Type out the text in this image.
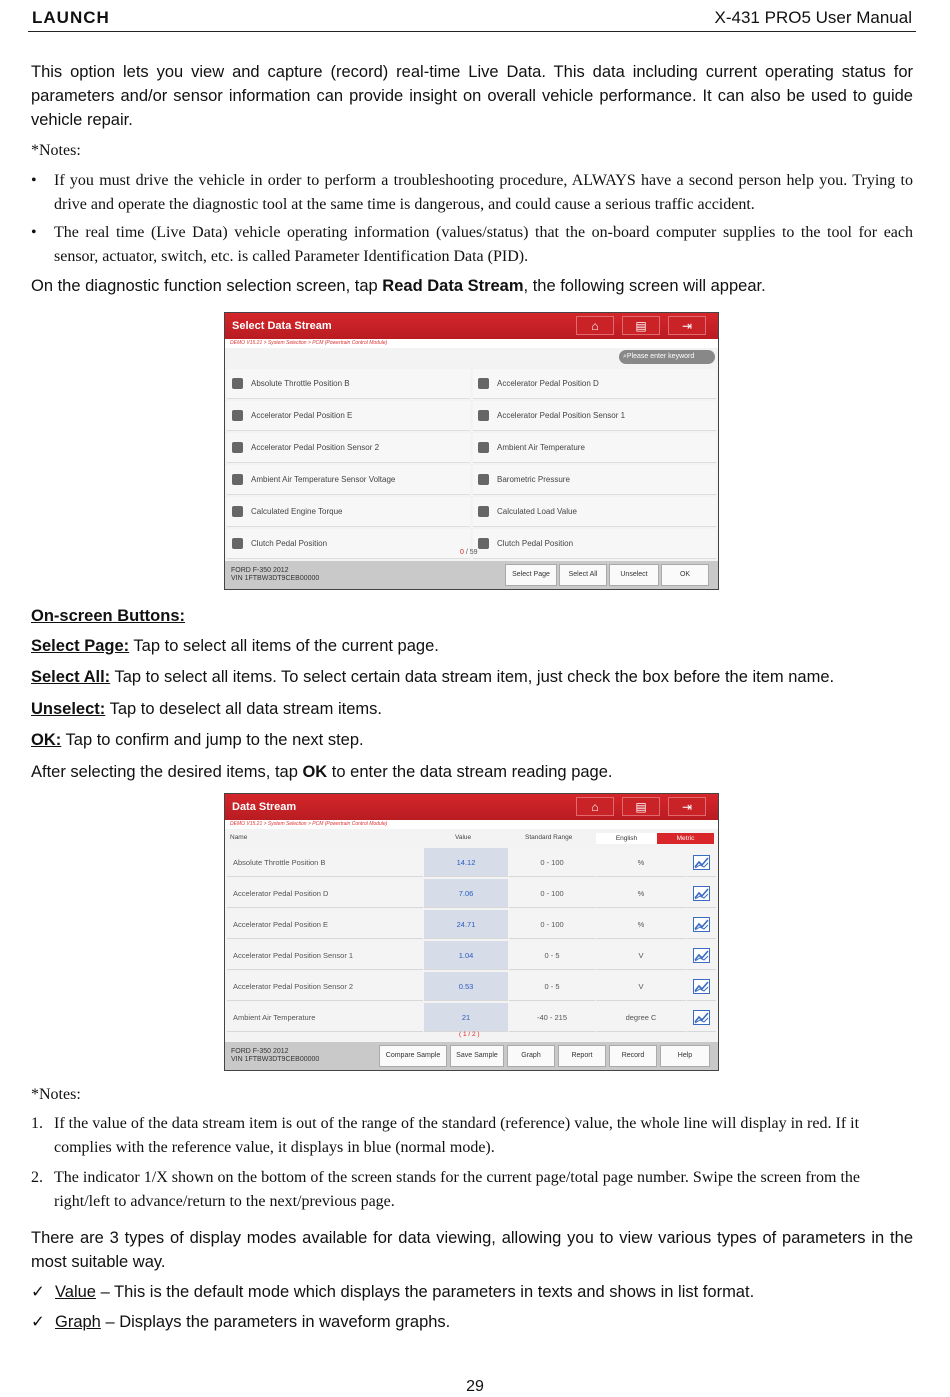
LAUNCH	X-431 PRO5 User Manual
This option lets you view and capture (record) real-time Live Data. This data including current operating status for parameters and/or sensor information can provide insight on overall vehicle performance. It can also be used to guide vehicle repair.
*Notes:
• If you must drive the vehicle in order to perform a troubleshooting procedure, ALWAYS have a second person help you. Trying to drive and operate the diagnostic tool at the same time is dangerous, and could cause a serious traffic accident.
• The real time (Live Data) vehicle operating information (values/status) that the on-board computer supplies to the tool for each sensor, actuator, switch, etc. is called Parameter Identification Data (PID).
On the diagnostic function selection screen, tap Read Data Stream, the following screen will appear.
Select Data Stream	⌂	▤	⇥
DEMO V15.21 > System Selection > PCM (Powertrain Control Module)
⌕Please enter keyword
Absolute Throttle Position B
Accelerator Pedal Position E
Accelerator Pedal Position Sensor 2
Ambient Air Temperature Sensor Voltage
Calculated Engine Torque
Clutch Pedal Position
Accelerator Pedal Position D
Accelerator Pedal Position Sensor 1
Ambient Air Temperature
Barometric Pressure
Calculated Load Value
Clutch Pedal Position
0 / 59
FORD F-350 2012
VIN 1FTBW3DT9CEB00000
Select Page	Select All	Unselect	OK
On-screen Buttons:
Select Page: Tap to select all items of the current page.
Select All: Tap to select all items. To select certain data stream item, just check the box before the item name.
Unselect: Tap to deselect all data stream items.
OK: Tap to confirm and jump to the next step.
After selecting the desired items, tap OK to enter the data stream reading page.
Data Stream	⌂	▤	⇥
DEMO V15.21 > System Selection > PCM (Powertrain Control Module)
Name	Value	Standard Range	English	Metric
Absolute Throttle Position B	14.12	0 - 100	%
Accelerator Pedal Position D	7.06	0 - 100	%
Accelerator Pedal Position E	24.71	0 - 100	%
Accelerator Pedal Position Sensor 1	1.04	0 - 5	V
Accelerator Pedal Position Sensor 2	0.53	0 - 5	V
Ambient Air Temperature	21	-40 - 215	degree C
( 1 / 2 )
FORD F-350 2012
VIN 1FTBW3DT9CEB00000
Compare Sample	Save Sample	Graph	Report	Record	Help
*Notes:
1. If the value of the data stream item is out of the range of the standard (reference) value, the whole line will display in red. If it complies with the reference value, it displays in blue (normal mode).
2. The indicator 1/X shown on the bottom of the screen stands for the current page/total page number. Swipe the screen from the right/left to advance/return to the next/previous page.
There are 3 types of display modes available for data viewing, allowing you to view various types of parameters in the most suitable way.
✓ Value – This is the default mode which displays the parameters in texts and shows in list format.
✓ Graph – Displays the parameters in waveform graphs.
29
